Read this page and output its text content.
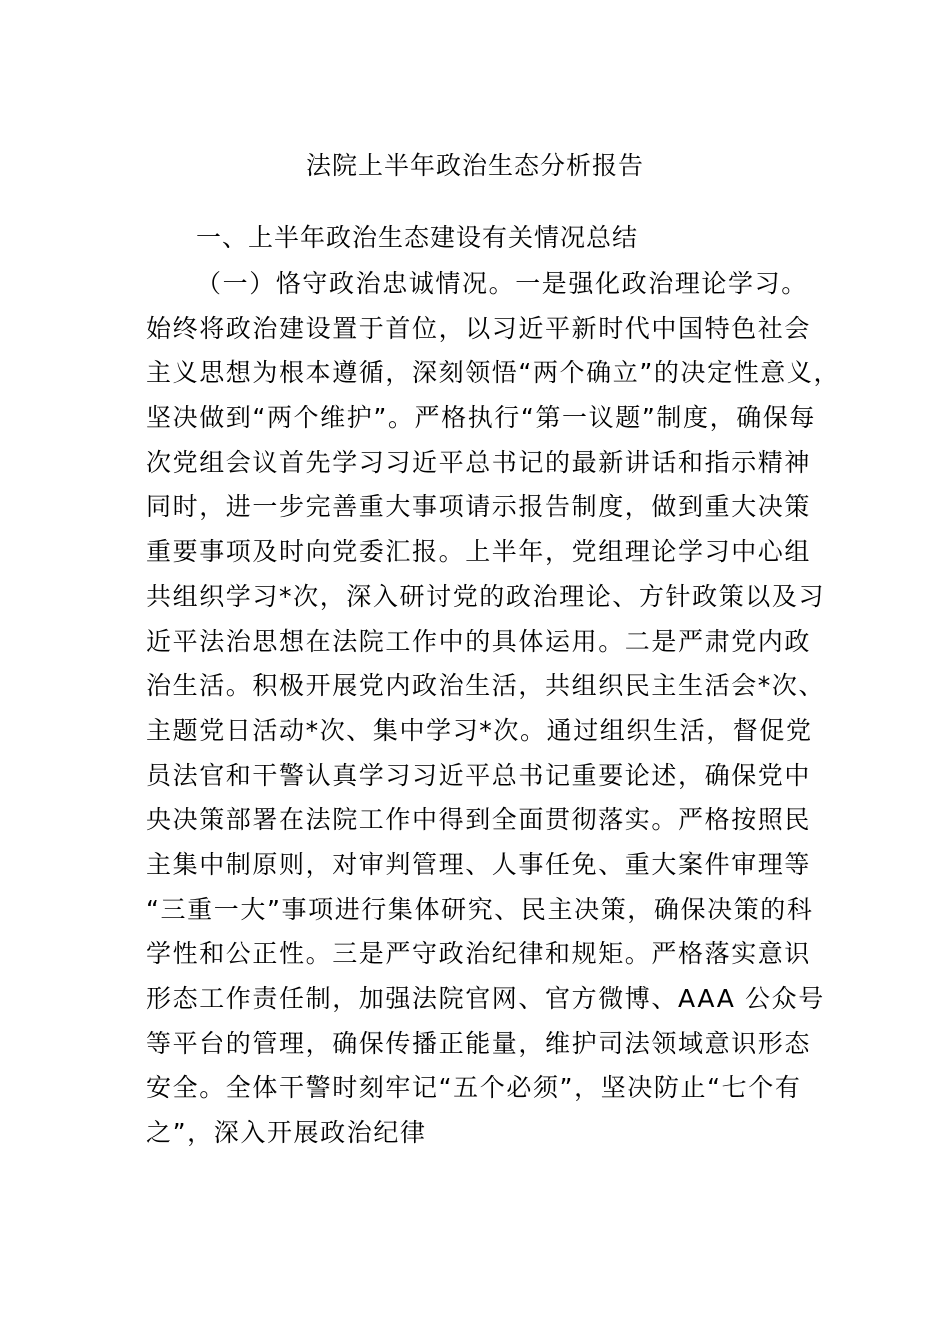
法院上半年政治生态分析报告
一、上半年政治生态建设有关情况总结
（一）恪守政治忠诚情况。一是强化政治理论学习。
始终将政治建设置于首位，以习近平新时代中国特色社会
主义思想为根本遵循，深刻领悟“两个确立”的决定性意义，
坚决做到“两个维护”。严格执行“第一议题”制度，确保每
次党组会议首先学习习近平总书记的最新讲话和指示精神
同时，进一步完善重大事项请示报告制度，做到重大决策
重要事项及时向党委汇报。上半年，党组理论学习中心组
共组织学习*次，深入研讨党的政治理论、方针政策以及习
近平法治思想在法院工作中的具体运用。二是严肃党内政
治生活。积极开展党内政治生活，共组织民主生活会*次、
主题党日活动*次、集中学习*次。通过组织生活，督促党
员法官和干警认真学习习近平总书记重要论述，确保党中
央决策部署在法院工作中得到全面贯彻落实。严格按照民
主集中制原则，对审判管理、人事任免、重大案件审理等
“三重一大”事项进行集体研究、民主决策，确保决策的科
学性和公正性。三是严守政治纪律和规矩。严格落实意识
形态工作责任制，加强法院官网、官方微博、AAA 公众号
等平台的管理，确保传播正能量，维护司法领域意识形态
安全。全体干警时刻牢记“五个必须”，坚决防止“七个有
之”，深入开展政治纪律
